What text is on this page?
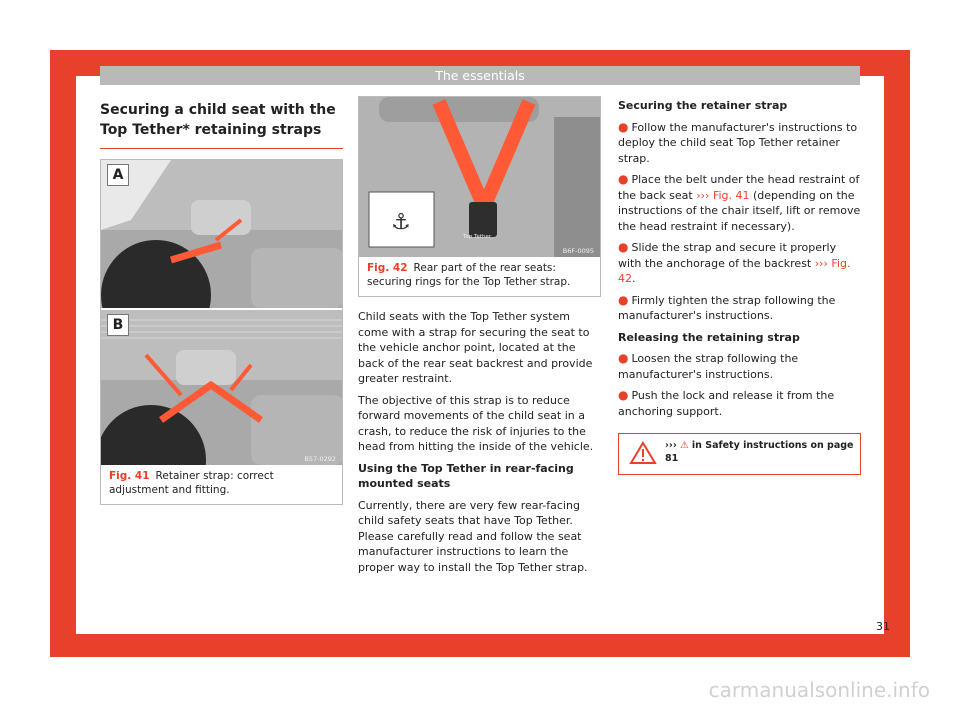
The essentials
Securing a child seat with the Top Tether* retaining straps
A
B
B57-0292
Fig. 41 Retainer strap: correct adjustment and fitting.
⚓
B6F-0095
Top Tether
Fig. 42 Rear part of the rear seats: securing rings for the Top Tether strap.

Child seats with the Top Tether system come with a strap for securing the seat to the vehicle anchor point, located at the back of the rear seat backrest and provide greater restraint.

The objective of this strap is to reduce forward movements of the child seat in a crash, to reduce the risk of injuries to the head from hitting the inside of the vehicle.

Using the Top Tether in rear-facing mounted seats

Currently, there are very few rear-facing child safety seats that have Top Tether. Please carefully read and follow the seat manufacturer instructions to learn the proper way to install the Top Tether strap.

Securing the retainer strap

● Follow the manufacturer's instructions to deploy the child seat Top Tether retainer strap.

● Place the belt under the head restraint of the back seat ››› Fig. 41 (depending on the instructions of the chair itself, lift or remove the head restraint if necessary).

● Slide the strap and secure it properly with the anchorage of the backrest ››› Fig. 42.

● Firmly tighten the strap following the manufacturer's instructions.

Releasing the retaining strap

● Loosen the strap following the manufacturer's instructions.

● Push the lock and release it from the anchoring support.

››› ⚠ in Safety instructions on page 81
31
carmanualsonline.info
